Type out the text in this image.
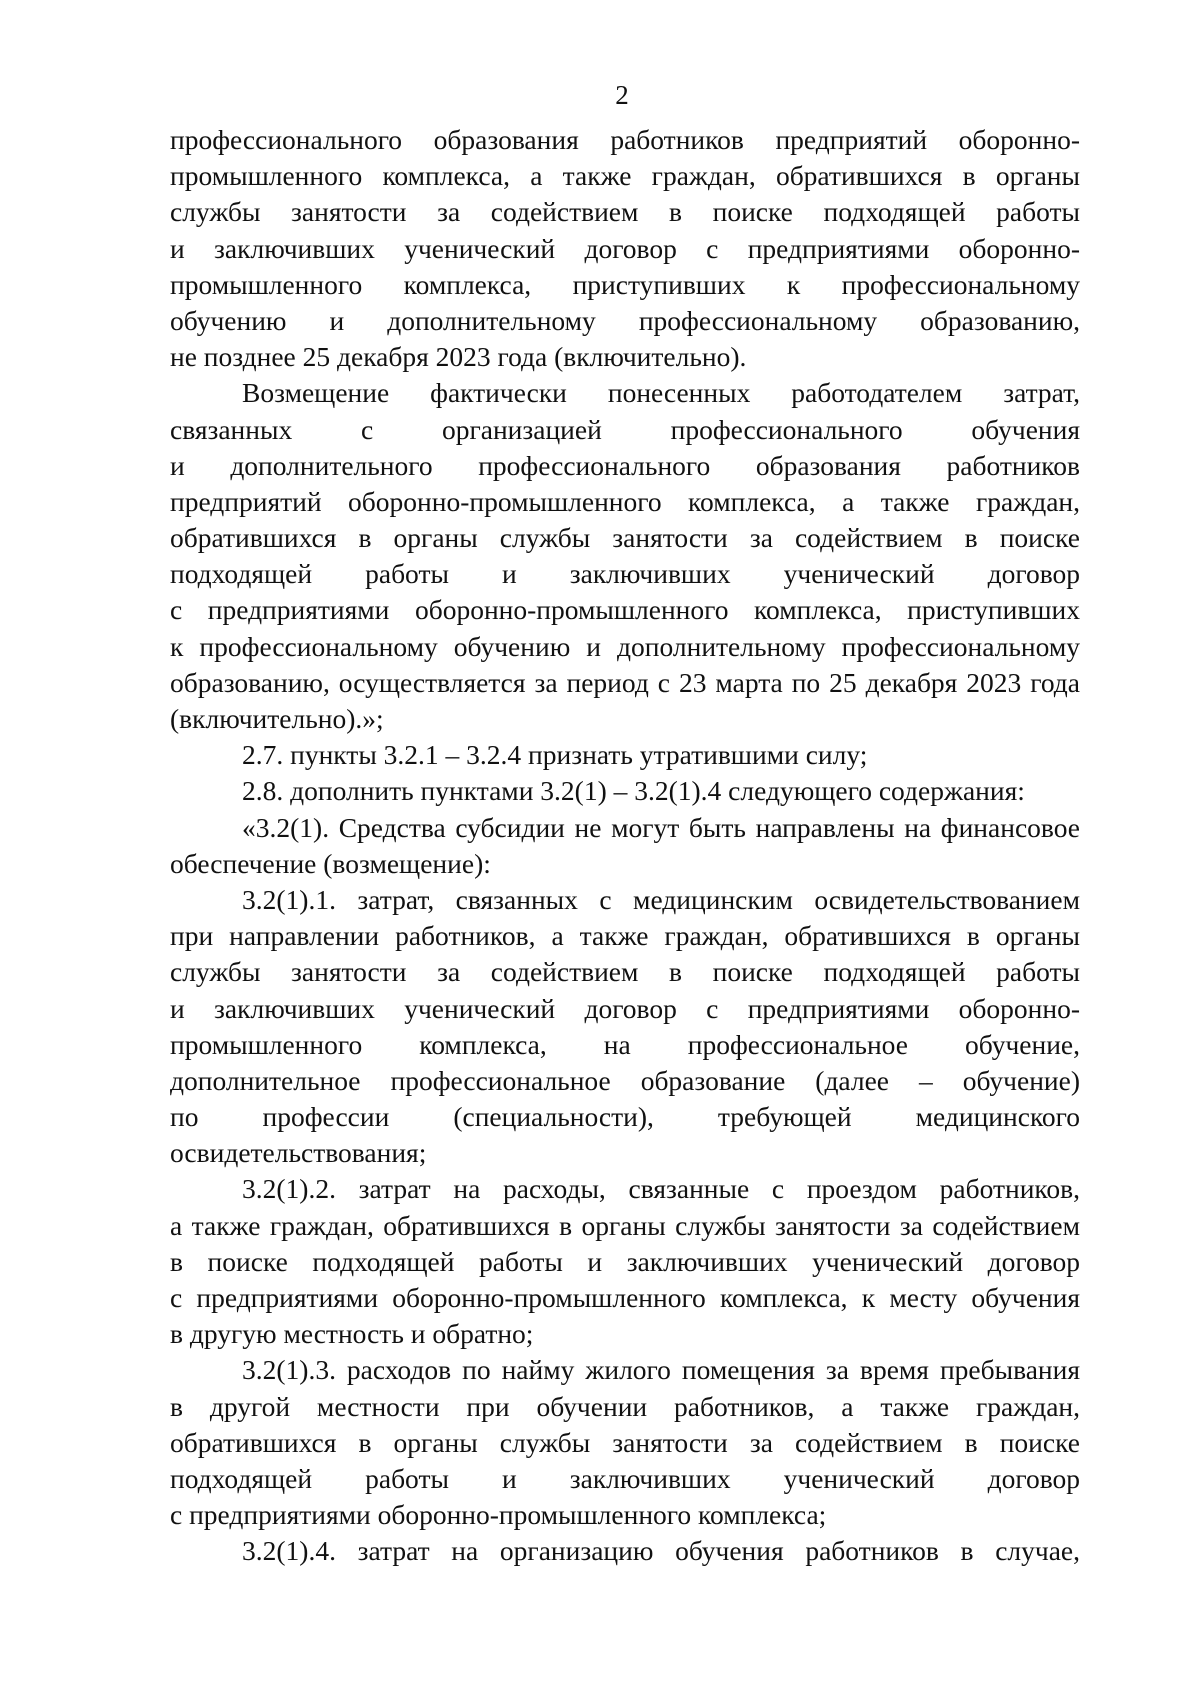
2
профессионального образования работников предприятий оборонно-
промышленного комплекса, а также граждан, обратившихся в органы
службы занятости за содействием в поиске подходящей работы
и заключивших ученический договор с предприятиями оборонно-
промышленного комплекса, приступивших к профессиональному
обучению и дополнительному профессиональному образованию,
не позднее 25 декабря 2023 года (включительно).
Возмещение фактически понесенных работодателем затрат,
связанных с организацией профессионального обучения
и дополнительного профессионального образования работников
предприятий оборонно-промышленного комплекса, а также граждан,
обратившихся в органы службы занятости за содействием в поиске
подходящей работы и заключивших ученический договор
с предприятиями оборонно-промышленного комплекса, приступивших
к профессиональному обучению и дополнительному профессиональному
образованию, осуществляется за период с 23 марта по 25 декабря 2023 года
(включительно).»;
2.7. пункты 3.2.1 – 3.2.4 признать утратившими силу;
2.8. дополнить пунктами 3.2(1) – 3.2(1).4 следующего содержания:
«3.2(1). Средства субсидии не могут быть направлены на финансовое
обеспечение (возмещение):
3.2(1).1. затрат, связанных с медицинским освидетельствованием
при направлении работников, а также граждан, обратившихся в органы
службы занятости за содействием в поиске подходящей работы
и заключивших ученический договор с предприятиями оборонно-
промышленного комплекса, на профессиональное обучение,
дополнительное профессиональное образование (далее – обучение)
по профессии (специальности), требующей медицинского
освидетельствования;
3.2(1).2. затрат на расходы, связанные с проездом работников,
а также граждан, обратившихся в органы службы занятости за содействием
в поиске подходящей работы и заключивших ученический договор
с предприятиями оборонно-промышленного комплекса, к месту обучения
в другую местность и обратно;
3.2(1).3. расходов по найму жилого помещения за время пребывания
в другой местности при обучении работников, а также граждан,
обратившихся в органы службы занятости за содействием в поиске
подходящей работы и заключивших ученический договор
с предприятиями оборонно-промышленного комплекса;
3.2(1).4. затрат на организацию обучения работников в случае,
